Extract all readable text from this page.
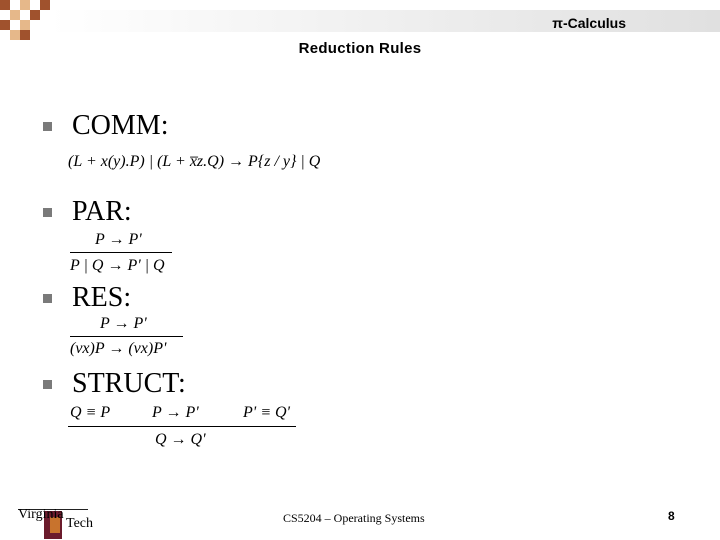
π-Calculus
Reduction Rules
COMM:
(L + x(y).P) | (L + x̅z.Q) → P{z / y} | Q
PAR:
P → P'
P | Q → P' | Q
RES:
P → P'
(νx)P → (νx)P'
STRUCT:
Q ≡ P	P → P'	P' ≡ Q'
Q → Q'
Virginia
Tech	CS5204 – Operating Systems	8
